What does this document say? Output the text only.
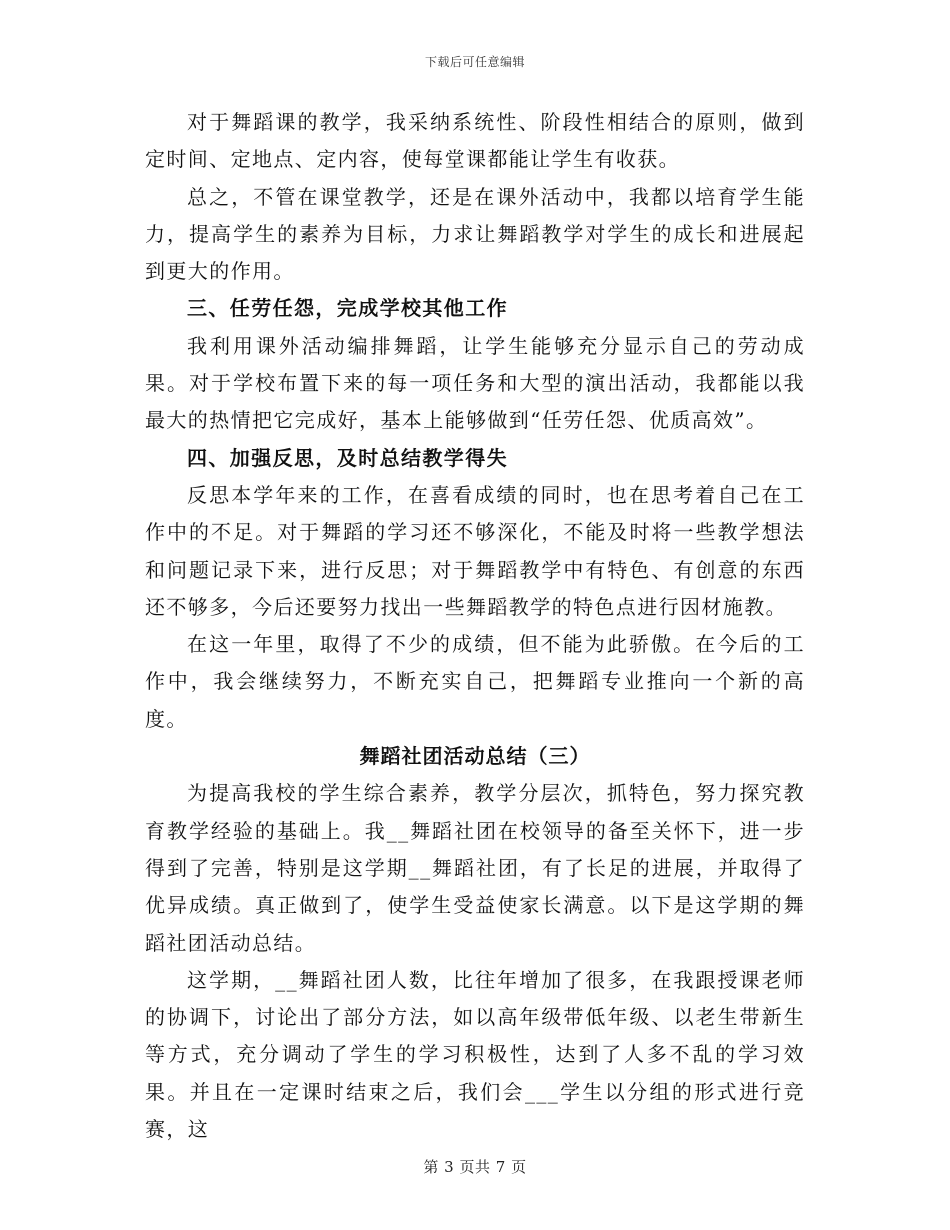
下载后可任意编辑

对于舞蹈课的教学，我采纳系统性、阶段性相结合的原则，做到定时间、定地点、定内容，使每堂课都能让学生有收获。

总之，不管在课堂教学，还是在课外活动中，我都以培育学生能力，提高学生的素养为目标，力求让舞蹈教学对学生的成长和进展起到更大的作用。

三、任劳任怨，完成学校其他工作

我利用课外活动编排舞蹈，让学生能够充分显示自己的劳动成果。对于学校布置下来的每一项任务和大型的演出活动，我都能以我最大的热情把它完成好，基本上能够做到“任劳任怨、优质高效”。

四、加强反思，及时总结教学得失

反思本学年来的工作，在喜看成绩的同时，也在思考着自己在工作中的不足。对于舞蹈的学习还不够深化，不能及时将一些教学想法和问题记录下来，进行反思；对于舞蹈教学中有特色、有创意的东西还不够多，今后还要努力找出一些舞蹈教学的特色点进行因材施教。

在这一年里，取得了不少的成绩，但不能为此骄傲。在今后的工作中，我会继续努力，不断充实自己，把舞蹈专业推向一个新的高度。

舞蹈社团活动总结（三）

为提高我校的学生综合素养，教学分层次，抓特色，努力探究教育教学经验的基础上。我__舞蹈社团在校领导的备至关怀下，进一步得到了完善，特别是这学期__舞蹈社团，有了长足的进展，并取得了优异成绩。真正做到了，使学生受益使家长满意。以下是这学期的舞蹈社团活动总结。

这学期，__舞蹈社团人数，比往年增加了很多，在我跟授课老师的协调下，讨论出了部分方法，如以高年级带低年级、以老生带新生等方式，充分调动了学生的学习积极性，达到了人多不乱的学习效果。并且在一定课时结束之后，我们会___学生以分组的形式进行竞赛，这

第 3 页共 7 页
